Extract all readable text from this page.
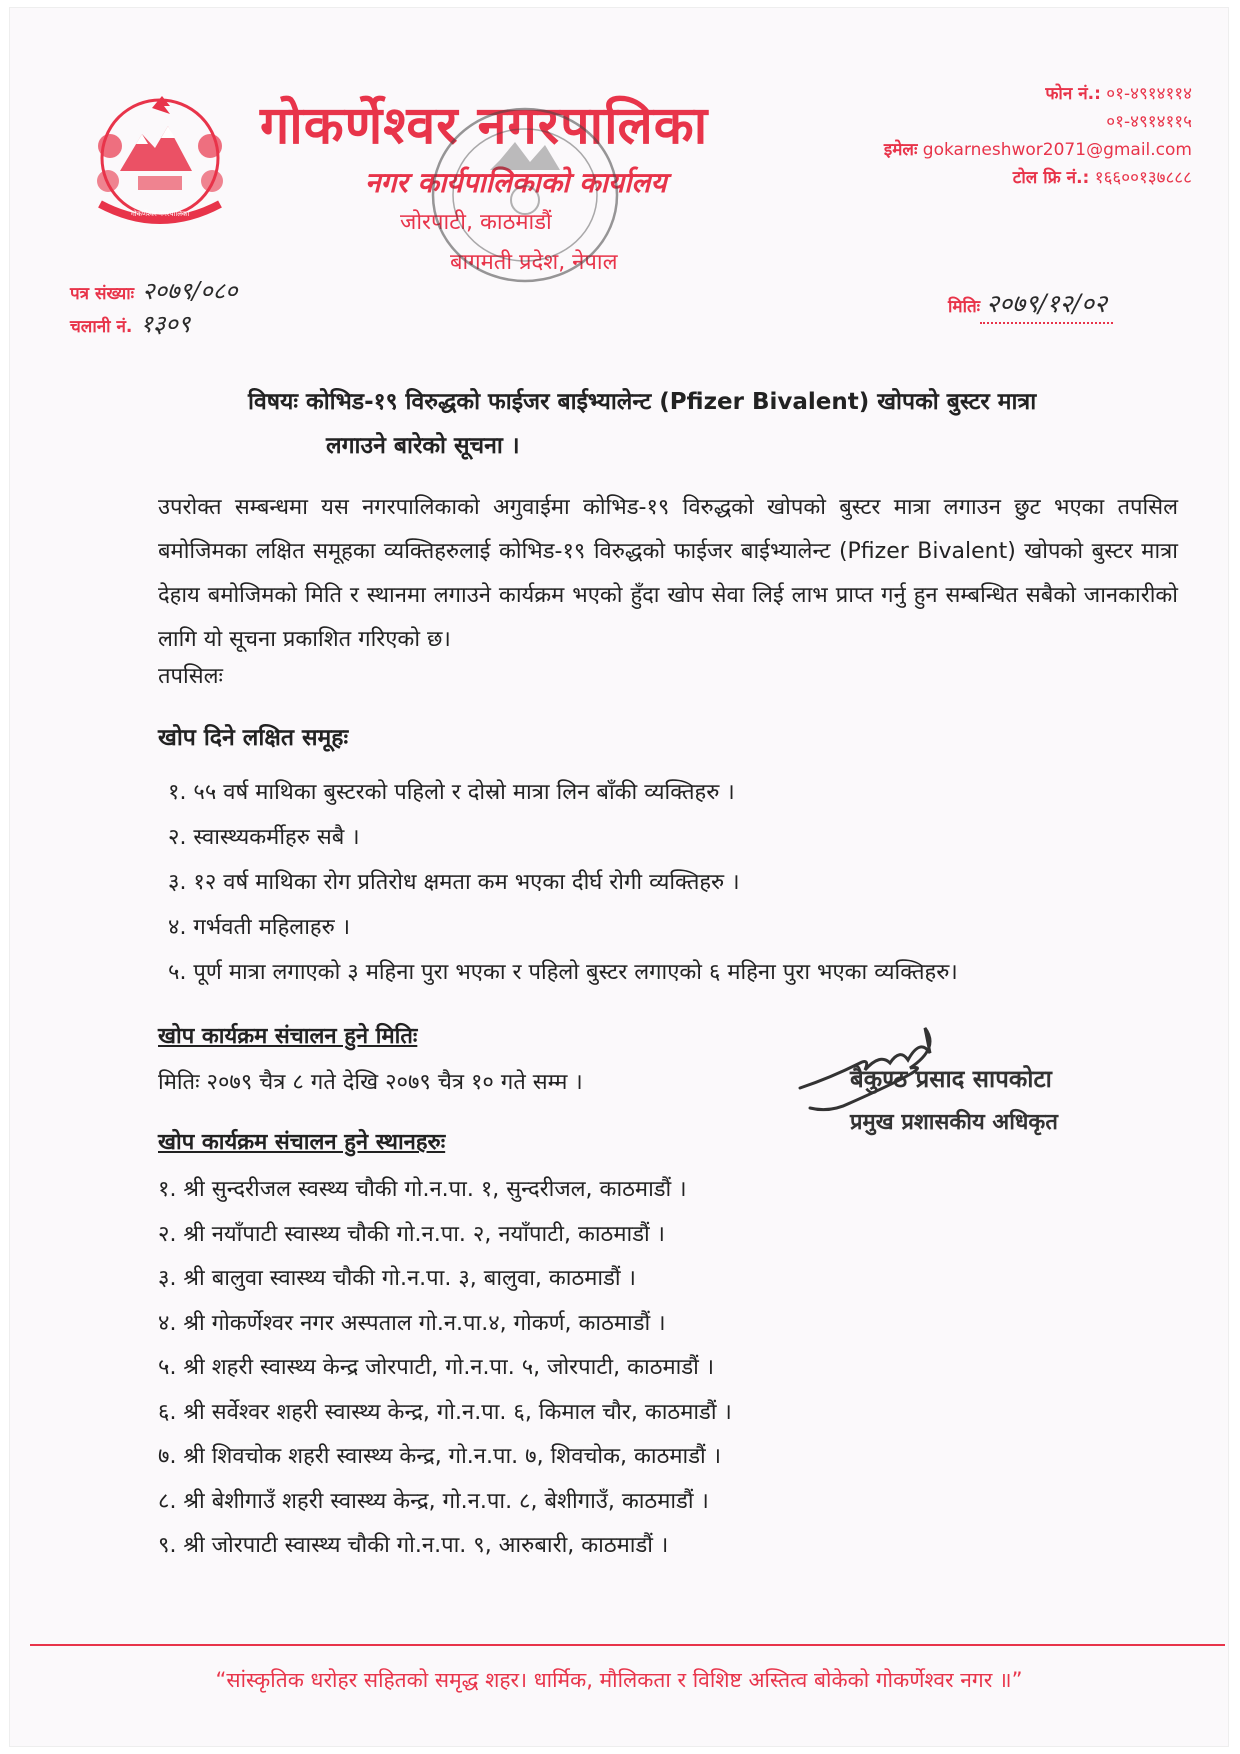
गोकर्णेश्वर नगरपालिका
गोकर्णेश्वर नगरपालिका
नगर कार्यपालिकाको कार्यालय
जोरपाटी, काठमाडौं
बागमती प्रदेश, नेपाल
फोन नं.: ०१-४९१४११४
०१-४९१४११५
इमेलः gokarneshwor2071@gmail.com
टोल फ्रि नं.: १६६००१३७८८८
पत्र संख्याः २०७९/०८०
चलानी नं. १३०९
मितिः २०७९/१२/०२
विषयः कोभिड-१९ विरुद्धको फाईजर बाईभ्यालेन्ट (Pfizer Bivalent) खोपको बुस्टर मात्रा
लगाउने बारेको सूचना ।
उपरोक्त सम्बन्धमा यस नगरपालिकाको अगुवाईमा कोभिड-१९ विरुद्धको खोपको बुस्टर मात्रा लगाउन छुट भएका तपसिल बमोजिमका लक्षित समूहका व्यक्तिहरुलाई कोभिड-१९ विरुद्धको फाईजर बाईभ्यालेन्ट (Pfizer Bivalent) खोपको बुस्टर मात्रा देहाय बमोजिमको मिति र स्थानमा लगाउने कार्यक्रम भएको हुँदा खोप सेवा लिई लाभ प्राप्त गर्नु हुन सम्बन्धित सबैको जानकारीको लागि यो सूचना प्रकाशित गरिएको छ।
तपसिलः
खोप दिने लक्षित समूहः
१. ५५ वर्ष माथिका बुस्टरको पहिलो र दोस्रो मात्रा लिन बाँकी व्यक्तिहरु ।
२. स्वास्थ्यकर्मीहरु सबै ।
३. १२ वर्ष माथिका रोग प्रतिरोध क्षमता कम भएका दीर्घ रोगी व्यक्तिहरु ।
४. गर्भवती महिलाहरु ।
५. पूर्ण मात्रा लगाएको ३ महिना पुरा भएका र पहिलो बुस्टर लगाएको ६ महिना पुरा भएका व्यक्तिहरु।
खोप कार्यक्रम संचालन हुने मितिः
मितिः २०७९ चैत्र ८ गते देखि २०७९ चैत्र १० गते सम्म ।	बैकुण्ठ प्रसाद सापकोटा
प्रमुख प्रशासकीय अधिकृत
खोप कार्यक्रम संचालन हुने स्थानहरुः
१. श्री सुन्दरीजल स्वस्थ्य चौकी गो.न.पा. १, सुन्दरीजल, काठमाडौं ।
२. श्री नयाँपाटी स्वास्थ्य चौकी गो.न.पा. २, नयाँपाटी, काठमाडौं ।
३. श्री बालुवा स्वास्थ्य चौकी गो.न.पा. ३, बालुवा, काठमाडौं ।
४. श्री गोकर्णेश्वर नगर अस्पताल गो.न.पा.४, गोकर्ण, काठमाडौं ।
५. श्री शहरी स्वास्थ्य केन्द्र जोरपाटी, गो.न.पा. ५, जोरपाटी, काठमाडौं ।
६. श्री सर्वेश्वर शहरी स्वास्थ्य केन्द्र, गो.न.पा. ६, किमाल चौर, काठमाडौं ।
७. श्री शिवचोक शहरी स्वास्थ्य केन्द्र, गो.न.पा. ७, शिवचोक, काठमाडौं ।
८. श्री बेशीगाउँ शहरी स्वास्थ्य केन्द्र, गो.न.पा. ८, बेशीगाउँ, काठमाडौं ।
९. श्री जोरपाटी स्वास्थ्य चौकी गो.न.पा. ९, आरुबारी, काठमाडौं ।
“सांस्कृतिक धरोहर सहितको समृद्ध शहर। धार्मिक, मौलिकता र विशिष्ट अस्तित्व बोकेको गोकर्णेश्वर नगर ॥”
